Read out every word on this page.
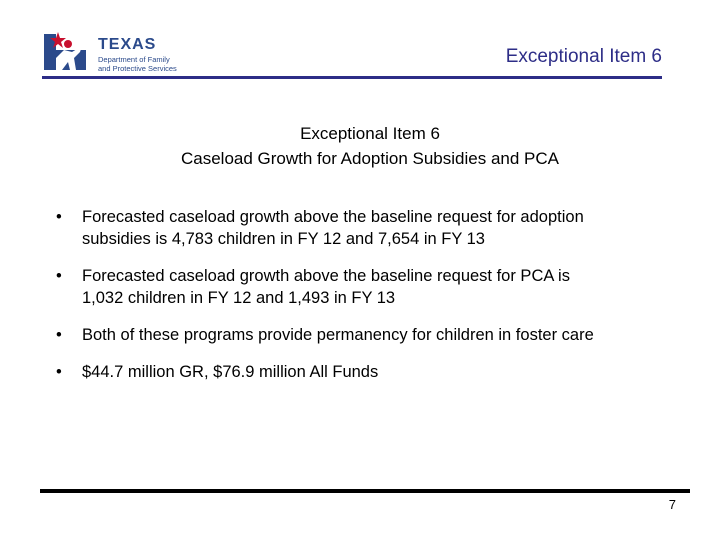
TEXAS
Department of Family
and Protective Services
Exceptional Item 6
Exceptional Item 6
Caseload Growth for Adoption Subsidies and PCA
• Forecasted caseload growth above the baseline request for adoption
subsidies is 4,783 children in FY 12 and 7,654 in FY 13
• Forecasted caseload growth above the baseline request for PCA is
1,032 children in FY 12 and 1,493 in FY 13
• Both of these programs provide permanency for children in foster care
• $44.7 million GR, $76.9 million All Funds
7
